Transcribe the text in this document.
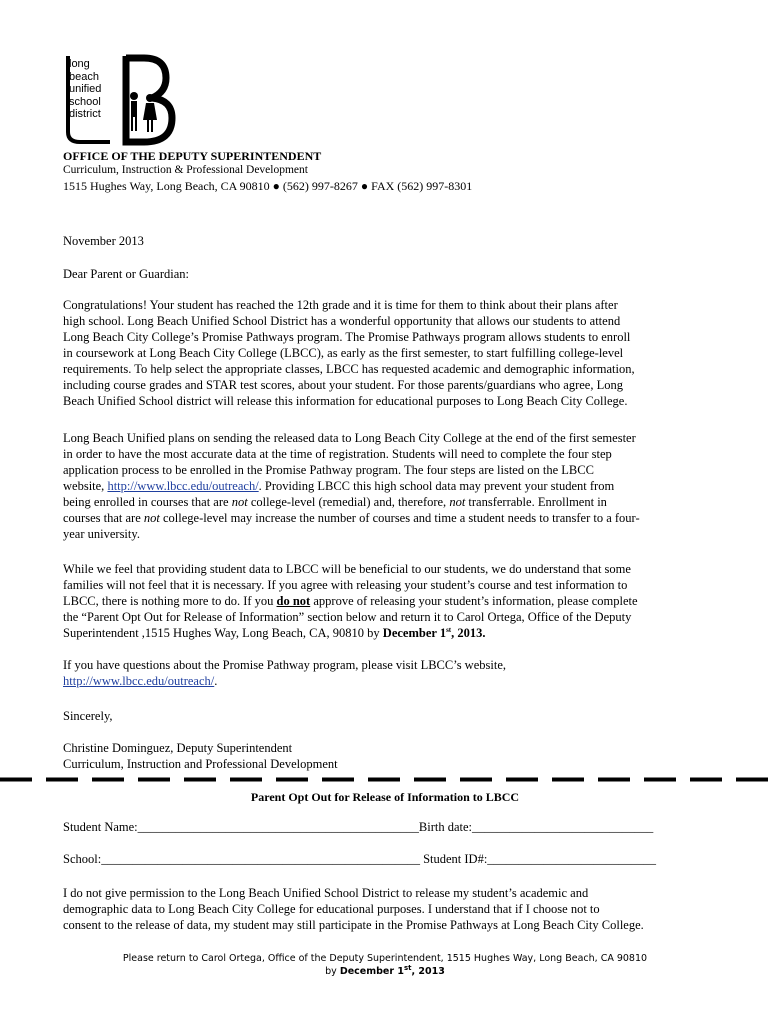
long
beach
unified
school
district
OFFICE OF THE DEPUTY SUPERINTENDENT
Curriculum, Instruction & Professional Development
1515 Hughes Way, Long Beach, CA 90810 ● (562) 997-8267 ● FAX (562) 997-8301
November 2013
Dear Parent or Guardian:
Congratulations! Your student has reached the 12th grade and it is time for them to think about their plans after
high school. Long Beach Unified School District has a wonderful opportunity that allows our students to attend
Long Beach City College’s Promise Pathways program. The Promise Pathways program allows students to enroll
in coursework at Long Beach City College (LBCC), as early as the first semester, to start fulfilling college-level
requirements. To help select the appropriate classes, LBCC has requested academic and demographic information,
including course grades and STAR test scores, about your student. For those parents/guardians who agree, Long
Beach Unified School district will release this information for educational purposes to Long Beach City College.
Long Beach Unified plans on sending the released data to Long Beach City College at the end of the first semester
in order to have the most accurate data at the time of registration. Students will need to complete the four step
application process to be enrolled in the Promise Pathway program. The four steps are listed on the LBCC
website, http://www.lbcc.edu/outreach/. Providing LBCC this high school data may prevent your student from
being enrolled in courses that are not college-level (remedial) and, therefore, not transferrable. Enrollment in
courses that are not college-level may increase the number of courses and time a student needs to transfer to a four-
year university.
While we feel that providing student data to LBCC will be beneficial to our students, we do understand that some
families will not feel that it is necessary. If you agree with releasing your student’s course and test information to
LBCC, there is nothing more to do. If you do not approve of releasing your student’s information, please complete
the “Parent Opt Out for Release of Information” section below and return it to Carol Ortega, Office of the Deputy
Superintendent ,1515 Hughes Way, Long Beach, CA, 90810 by December 1st, 2013.
If you have questions about the Promise Pathway program, please visit LBCC’s website,
http://www.lbcc.edu/outreach/.
Sincerely,
Christine Dominguez, Deputy Superintendent
Curriculum, Instruction and Professional Development
Parent Opt Out for Release of Information to LBCC
Student Name:_____________________________________________Birth date:_____________________________
School:___________________________________________________ Student ID#:___________________________
I do not give permission to the Long Beach Unified School District to release my student’s academic and
demographic data to Long Beach City College for educational purposes. I understand that if I choose not to
consent to the release of data, my student may still participate in the Promise Pathways at Long Beach City College.
Please return to Carol Ortega, Office of the Deputy Superintendent, 1515 Hughes Way, Long Beach, CA 90810
by December 1st, 2013
